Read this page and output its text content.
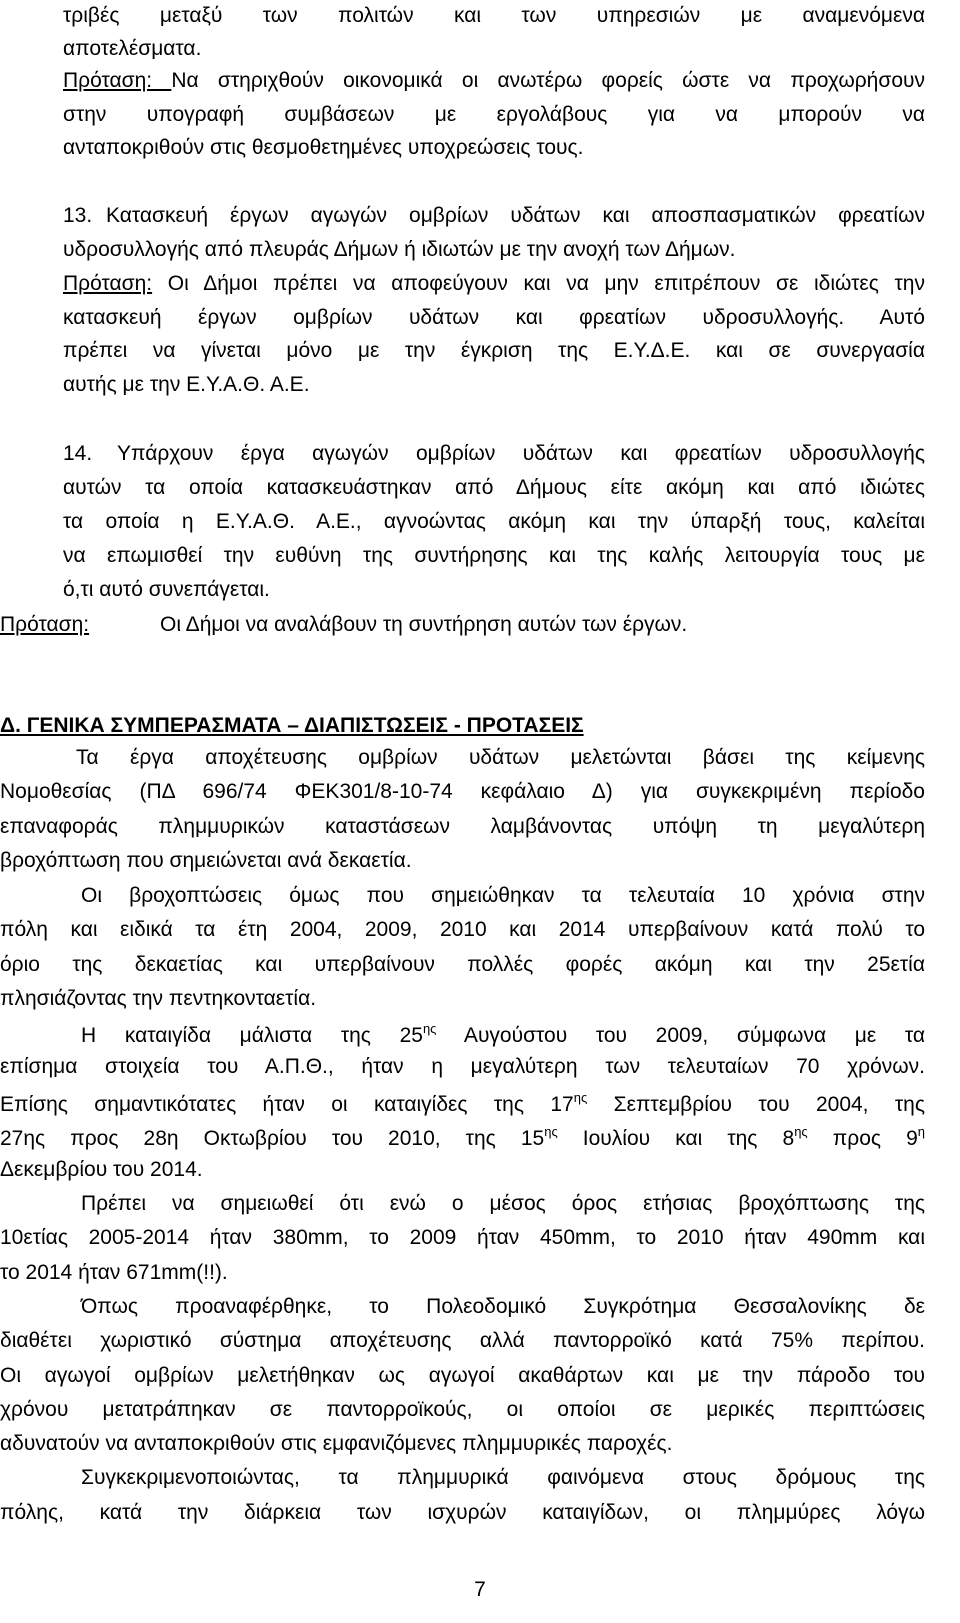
τριβές μεταξύ των πολιτών και των υπηρεσιών με αναμενόμενα
αποτελέσματα.
Πρόταση: Να στηριχθούν οικονομικά οι ανωτέρω φορείς ώστε να προχωρήσουν
στην υπογραφή συμβάσεων με εργολάβους για να μπορούν να
ανταποκριθούν στις θεσμοθετημένες υποχρεώσεις τους.
13. Κατασκευή έργων αγωγών ομβρίων υδάτων και αποσπασματικών φρεατίων
υδροσυλλογής από πλευράς Δήμων ή ιδιωτών με την ανοχή των Δήμων.
Πρόταση: Οι Δήμοι πρέπει να αποφεύγουν και να μην επιτρέπουν σε ιδιώτες την
κατασκευή έργων ομβρίων υδάτων και φρεατίων υδροσυλλογής. Αυτό
πρέπει να γίνεται μόνο με την έγκριση της Ε.Υ.Δ.Ε. και σε συνεργασία
αυτής με την Ε.Υ.Α.Θ. Α.Ε.
14. Υπάρχουν έργα αγωγών ομβρίων υδάτων και φρεατίων υδροσυλλογής
αυτών τα οποία κατασκευάστηκαν από Δήμους είτε ακόμη και από ιδιώτες
τα οποία η Ε.Υ.Α.Θ. Α.Ε., αγνοώντας ακόμη και την ύπαρξή τους, καλείται
να επωμισθεί την ευθύνη της συντήρησης και της καλής λειτουργία τους με
ό,τι αυτό συνεπάγεται.
Πρόταση:	Οι Δήμοι να αναλάβουν τη συντήρηση αυτών των έργων.
Δ. ΓΕΝΙΚΑ ΣΥΜΠΕΡΑΣΜΑΤΑ – ΔΙΑΠΙΣΤΩΣΕΙΣ - ΠΡΟΤΑΣΕΙΣ
Τα έργα αποχέτευσης ομβρίων υδάτων μελετώνται βάσει της κείμενης
Νομοθεσίας (ΠΔ 696/74 ΦΕΚ301/8-10-74 κεφάλαιο Δ) για συγκεκριμένη περίοδο
επαναφοράς πλημμυρικών καταστάσεων λαμβάνοντας υπόψη τη μεγαλύτερη
βροχόπτωση που σημειώνεται ανά δεκαετία.
Οι βροχοπτώσεις όμως που σημειώθηκαν τα τελευταία 10 χρόνια στην
πόλη και ειδικά τα έτη 2004, 2009, 2010 και 2014 υπερβαίνουν κατά πολύ το
όριο της δεκαετίας και υπερβαίνουν πολλές φορές ακόμη και την 25ετία
πλησιάζοντας την πεντηκονταετία.
Η καταιγίδα μάλιστα της $25^{\eta\varsigma}$ Αυγούστου του 2009, σύμφωνα με τα
επίσημα στοιχεία του Α.Π.Θ., ήταν η μεγαλύτερη των τελευταίων 70 χρόνων.
Επίσης σημαντικότατες ήταν οι καταιγίδες της $17^{\eta\varsigma}$ Σεπτεμβρίου του 2004, της
27ης προς 28η Οκτωβρίου του 2010, της $15^{\eta\varsigma}$ Ιουλίου και της $8^{\eta\varsigma}$ προς $9^\eta$
Δεκεμβρίου του 2014.
Πρέπει να σημειωθεί ότι ενώ ο μέσος όρος ετήσιας βροχόπτωσης της
10ετίας 2005-2014 ήταν 380mm, το 2009 ήταν 450mm, το 2010 ήταν 490mm και
το 2014 ήταν 671mm(!!).
Όπως προαναφέρθηκε, το Πολεοδομικό Συγκρότημα Θεσσαλονίκης δε
διαθέτει χωριστικό σύστημα αποχέτευσης αλλά παντορροϊκό κατά 75% περίπου.
Οι αγωγοί ομβρίων μελετήθηκαν ως αγωγοί ακαθάρτων και με την πάροδο του
χρόνου μετατράπηκαν σε παντορροϊκούς, οι οποίοι σε μερικές περιπτώσεις
αδυνατούν να ανταποκριθούν στις εμφανιζόμενες πλημμυρικές παροχές.
Συγκεκριμενοποιώντας, τα πλημμυρικά φαινόμενα στους δρόμους της
πόλης, κατά την διάρκεια των ισχυρών καταιγίδων, οι πλημμύρες λόγω
7
